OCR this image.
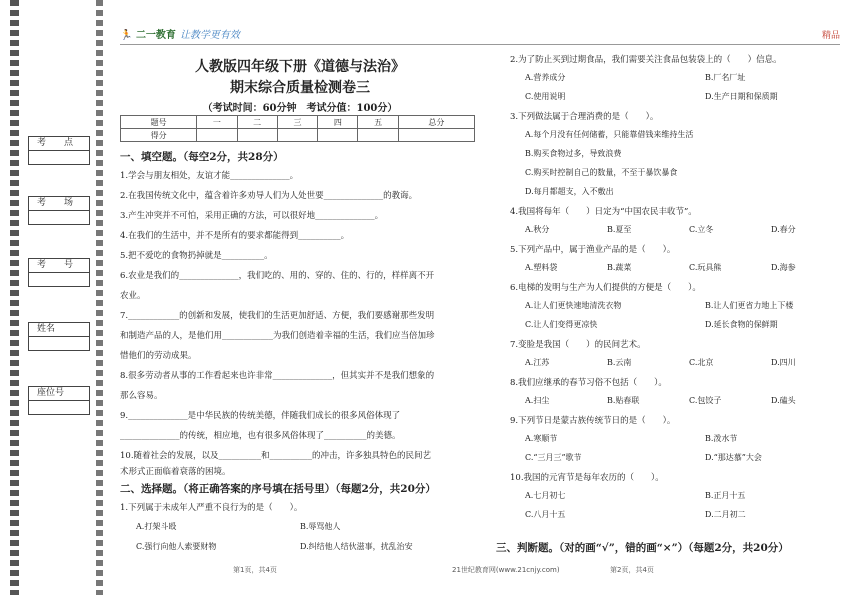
考　　点
考　　场
考　　号
姓名
座位号
🏃 二一教育 让教学更有效	精品
人教版四年级下册《道德与法治》
期末综合质量检测卷三
（考试时间：60分钟　考试分值：100分）
题号	一	二	三	四	五	总分
得分						
一、填空题。（每空2分，共28分）
1.学会与朋友相处，友谊才能______________。
2.在我国传统文化中，蕴含着许多劝导人们为人处世要______________的教诲。
3.产生冲突并不可怕，采用正确的方法，可以很好地______________。
4.在我们的生活中，并不是所有的要求都能得到__________。
5.把不爱吃的食物扔掉就是__________。
6.农业是我们的______________，我们吃的、用的、穿的、住的、行的，样样离不开
农业。
7.____________的创新和发展，使我们的生活更加舒适、方便，我们要感谢那些发明
和制造产品的人，是他们用____________为我们创造着幸福的生活，我们应当倍加珍
惜他们的劳动成果。
8.很多劳动者从事的工作看起来也许非常______________，但其实并不是我们想象的
那么容易。
9.______________是中华民族的传统美德，伴随我们成长的很多风俗体现了
______________的传统，相应地，也有很多风俗体现了__________的美德。
10.随着社会的发展，以及__________和__________的冲击，许多独具特色的民间艺
术形式正面临着衰落的困境。
二、选择题。（将正确答案的序号填在括号里）（每题2分，共20分）
1.下列属于未成年人严重不良行为的是（　　）。
A.打架斗殴	B.辱骂他人
C.强行向他人索要财物	D.纠结他人结伙滋事，扰乱治安
2.为了防止买到过期食品，我们需要关注食品包装袋上的（　　）信息。
A.营养成分	B.厂名厂址
C.使用说明	D.生产日期和保质期
3.下列做法属于合理消费的是（　　）。
A.每个月没有任何储蓄，只能靠借钱来维持生活
B.购买食物过多，导致浪费
C.购买时控制自己的数量，不至于暴饮暴食
D.每月都超支，入不敷出
4.我国将每年（　　）日定为“中国农民丰收节”。
A.秋分	B.夏至	C.立冬	D.春分
5.下列产品中，属于渔业产品的是（　　）。
A.塑料袋	B.蔬菜	C.玩具熊	D.海参
6.电梯的发明与生产为人们提供的方便是（　　）。
A.让人们更快速地清洗衣物	B.让人们更省力地上下楼
C.让人们变得更凉快	D.延长食物的保鲜期
7.变脸是我国（　　）的民间艺术。
A.江苏	B.云南	C.北京	D.四川
8.我们应继承的春节习俗不包括（　　）。
A.扫尘	B.贴春联	C.包饺子	D.磕头
9.下列节日是蒙古族传统节日的是（　　）。
A.寒顺节	B.泼水节
C.“三月三”歌节	D.“那达慕”大会
10.我国的元宵节是每年农历的（　　）。
A.七月初七	B.正月十五
C.八月十五	D.二月初二
三、判断题。（对的画“√”，错的画“×”）（每题2分，共20分）
第1页，共4页	21世纪教育网(www.21cnjy.com)	第2页，共4页
